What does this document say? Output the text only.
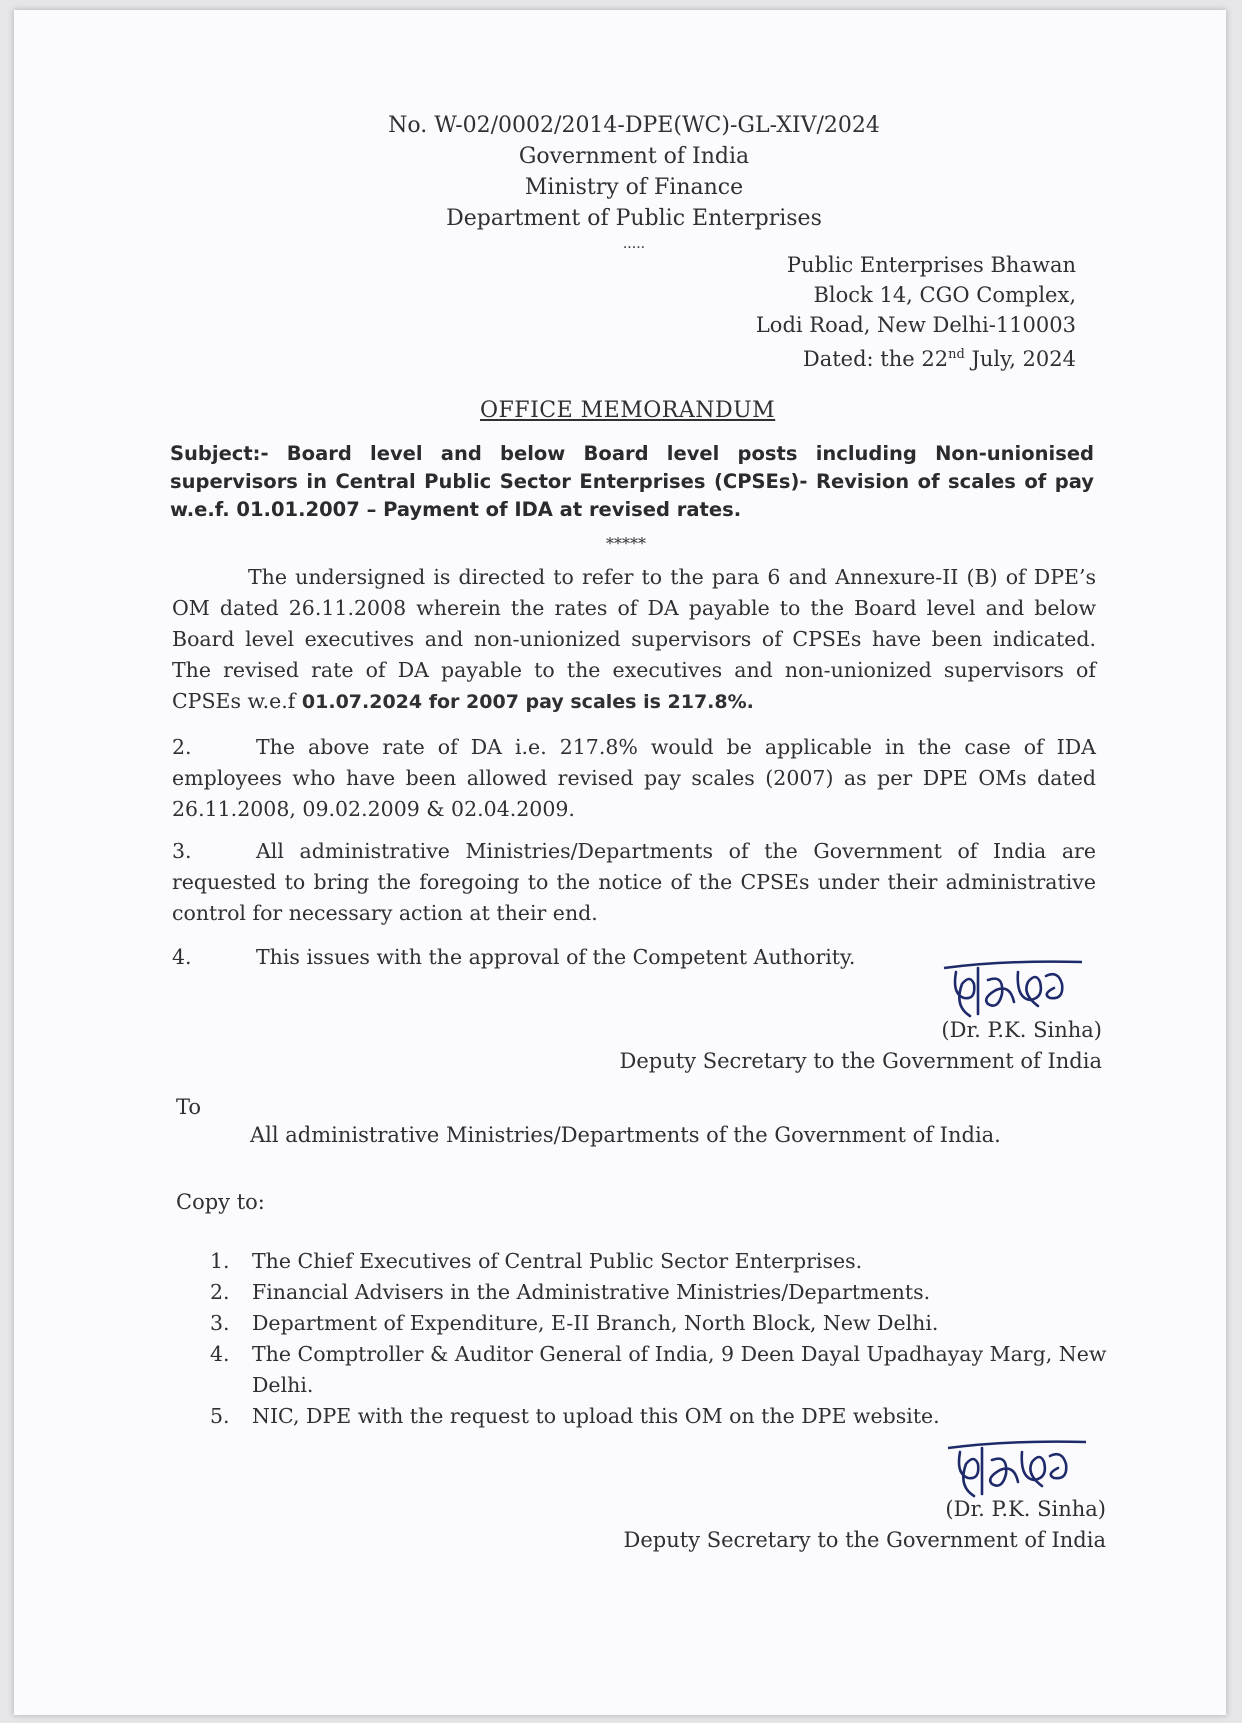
No. W-02/0002/2014-DPE(WC)-GL-XIV/2024
Government of India
Ministry of Finance
Department of Public Enterprises
.....
Public Enterprises Bhawan
Block 14, CGO Complex,
Lodi Road, New Delhi-110003
Dated: the 22nd July, 2024
OFFICE MEMORANDUM
Subject:- Board level and below Board level posts including Non-unionised supervisors in Central Public Sector Enterprises (CPSEs)- Revision of scales of pay w.e.f. 01.01.2007 – Payment of IDA at revised rates.
*****
The undersigned is directed to refer to the para 6 and Annexure-II (B) of DPE’s OM dated 26.11.2008 wherein the rates of DA payable to the Board level and below Board level executives and non-unionized supervisors of CPSEs have been indicated. The revised rate of DA payable to the executives and non-unionized supervisors of CPSEs w.e.f 01.07.2024 for 2007 pay scales is 217.8%.
2.	The above rate of DA i.e. 217.8% would be applicable in the case of IDA employees who have been allowed revised pay scales (2007) as per DPE OMs dated 26.11.2008, 09.02.2009 & 02.04.2009.
3.	All administrative Ministries/Departments of the Government of India are requested to bring the foregoing to the notice of the CPSEs under their administrative control for necessary action at their end.
4.	This issues with the approval of the Competent Authority.
(Dr. P.K. Sinha)
Deputy Secretary to the Government of India
To
All administrative Ministries/Departments of the Government of India.
Copy to:
1. The Chief Executives of Central Public Sector Enterprises.
2. Financial Advisers in the Administrative Ministries/Departments.
3. Department of Expenditure, E-II Branch, North Block, New Delhi.
4. The Comptroller & Auditor General of India, 9 Deen Dayal Upadhayay Marg, New Delhi.
5. NIC, DPE with the request to upload this OM on the DPE website.
(Dr. P.K. Sinha)
Deputy Secretary to the Government of India
